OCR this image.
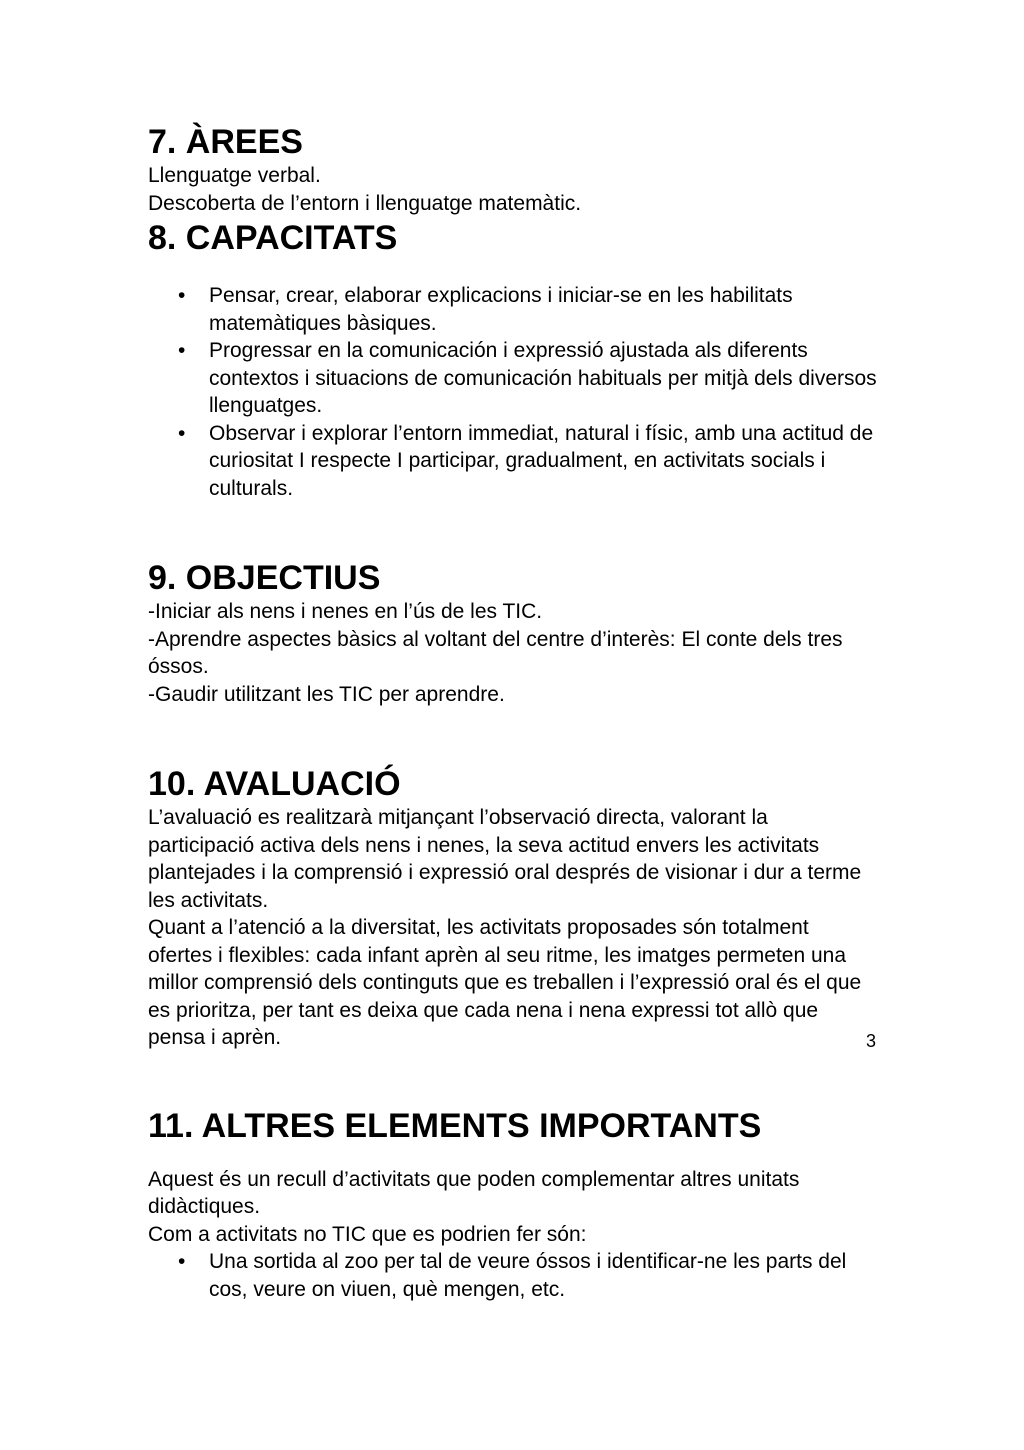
7. ÀREES

Llenguatge verbal.

Descoberta de l’entorn i llenguatge matemàtic.

8. CAPACITATS
• Pensar, crear, elaborar explicacions i iniciar-se en les habilitats matemàtiques bàsiques.
• Progressar en la comunicación i expressió ajustada als diferents contextos i situacions de comunicación habituals per mitjà dels diversos llenguatges.
• Observar i explorar l’entorn immediat, natural i físic, amb una actitud de curiositat I respecte I participar, gradualment, en activitats socials i culturals.
9. OBJECTIUS

-Iniciar als nens i nenes en l’ús de les TIC.

-Aprendre aspectes bàsics al voltant del centre d’interès: El conte dels tres óssos.

-Gaudir utilitzant les TIC per aprendre.

10. AVALUACIÓ

L’avaluació es realitzarà mitjançant l’observació directa, valorant la participació activa dels nens i nenes, la seva actitud envers les activitats plantejades i la comprensió i expressió oral després de visionar i dur a terme les activitats.

Quant a l’atenció a la diversitat, les activitats proposades són totalment ofertes i flexibles: cada infant aprèn al seu ritme, les imatges permeten una millor comprensió dels continguts que es treballen i l’expressió oral és el que es prioritza, per tant es deixa que cada nena i nena expressi tot allò que pensa i aprèn.

11. ALTRES ELEMENTS IMPORTANTS

Aquest és un recull d’activitats que poden complementar altres unitats didàctiques.

Com a activitats no TIC que es podrien fer són:

• Una sortida al zoo per tal de veure óssos i identificar-ne les parts del cos, veure on viuen, què mengen, etc.
3
